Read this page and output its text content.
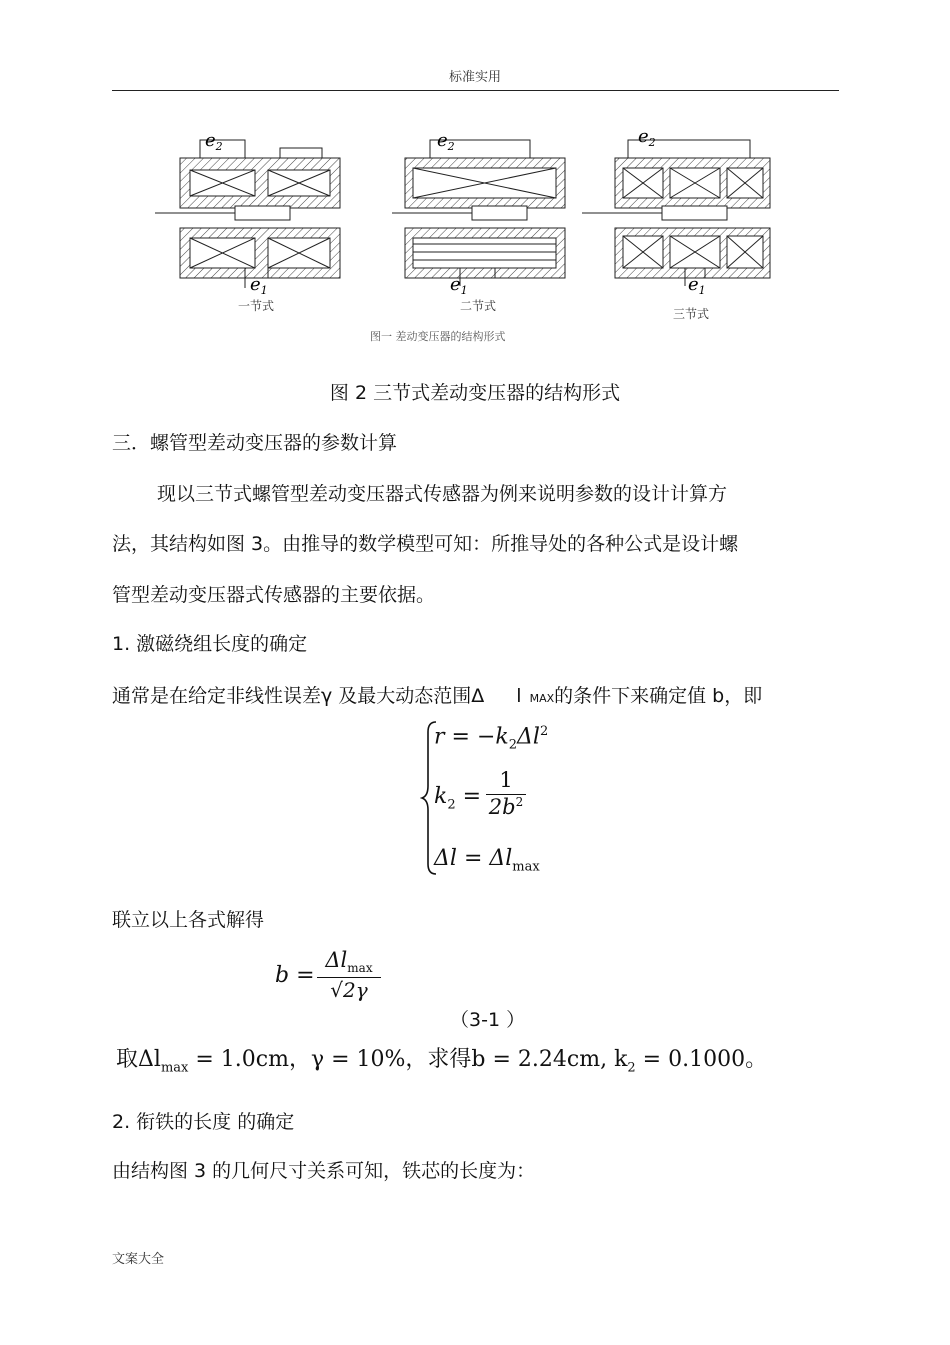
标准实用
$e_2$	$e_2$	$e_2$
$e_1$	$e_1$	$e_1$
一节式	二节式
三节式
图一 差动变压器的结构形式
图 2 三节式差动变压器的结构形式
三．螺管型差动变压器的参数计算
现以三节式螺管型差动变压器式传感器为例来说明参数的设计计算方
法，其结构如图 3。由推导的数学模型可知：所推导处的各种公式是设计螺
管型差动变压器式传感器的主要依据。
1. 激磁绕组长度的确定
通常是在给定非线性误差γ 及最大动态范围Δ l MAX的条件下来确定值 b，即
$r = -k_2\Delta l^2$
$k_2$ =
1
$2b^2$
$\Delta l = \Delta l_{max}$
联立以上各式解得
b =
$\Delta l_{max}$
√2γ
（3-1 ）
取$\Delta l_{max} = 1.0cm$，γ = 10%，求得b = 2.24cm, $k_2 = 0.1000$。
2. 衔铁的长度 的确定
由结构图 3 的几何尺寸关系可知，铁芯的长度为：
文案大全
